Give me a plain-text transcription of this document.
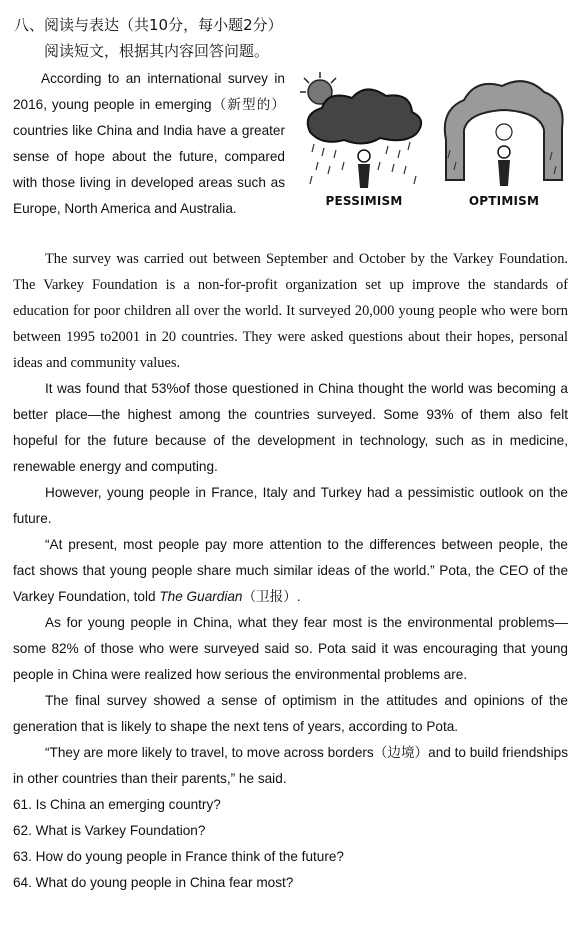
八、阅读与表达（共10分，每小题2分）
阅读短文，根据其内容回答问题。
According to an international survey in 2016, young people in emerging（新型的）countries like China and India have a greater sense of hope about the future, compared with those living in developed areas such as Europe, North America and Australia.	PESSIMISM	OPTIMISM

The survey was carried out between September and October by the Varkey Foundation. The Varkey Foundation is a non-for-profit organization set up improve the standards of education for poor children all over the world. It surveyed 20,000 young people who were born between 1995 to2001 in 20 countries. They were asked questions about their hopes, personal ideas and community values.

It was found that 53%of those questioned in China thought the world was becoming a better place—the highest among the countries surveyed. Some 93% of them also felt hopeful for the future because of the development in technology, such as in medicine, renewable energy and computing.

However, young people in France, Italy and Turkey had a pessimistic outlook on the future.

“At present, most people pay more attention to the differences between people, the fact shows that young people share much similar ideas of the world.” Pota, the CEO of the Varkey Foundation, told The Guardian（卫报）.

As for young people in China, what they fear most is the environmental problems—some 82% of those who were surveyed said so. Pota said it was encouraging that young people in China were realized how serious the environmental problems are.

The final survey showed a sense of optimism in the attitudes and opinions of the generation that is likely to shape the next tens of years, according to Pota.

“They are more likely to travel, to move across borders（边境）and to build friendships in other countries than their parents,” he said.

61. Is China an emerging country?
62. What is Varkey Foundation?
63. How do young people in France think of the future?
64. What do young people in China fear most?
